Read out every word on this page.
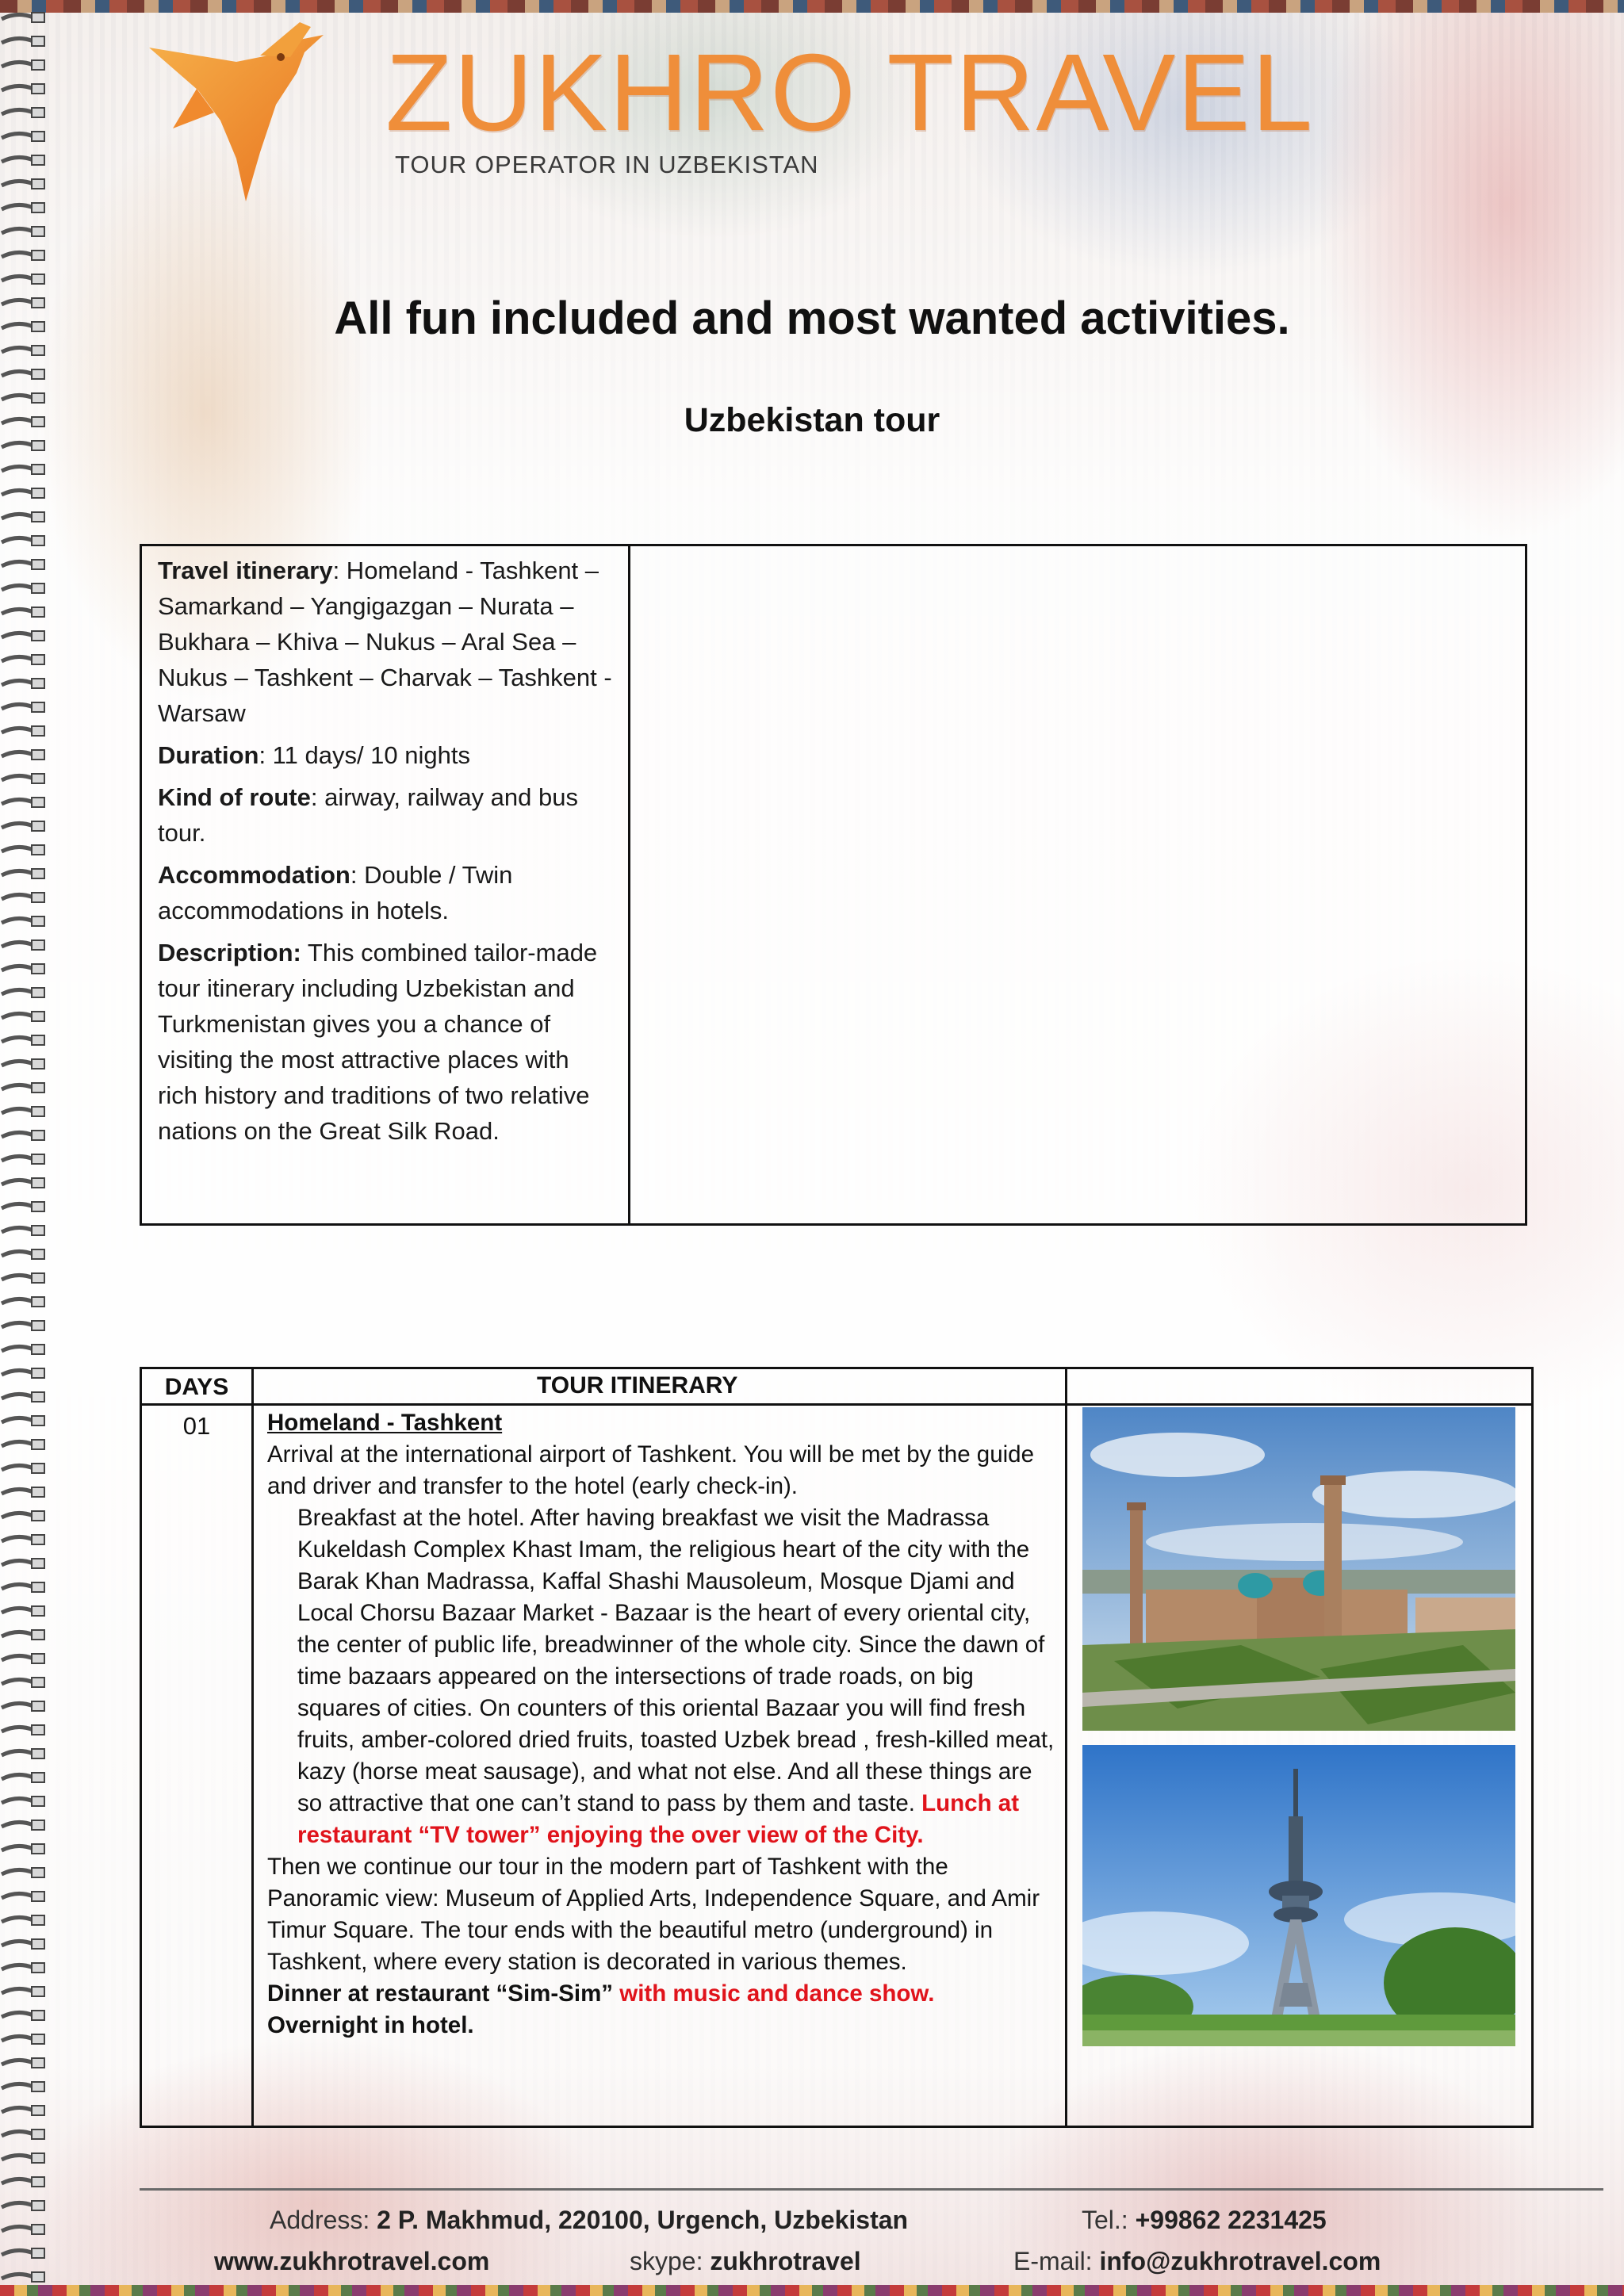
ZUKHRO TRAVEL
TOUR OPERATOR IN UZBEKISTAN
All fun included and most wanted activities.
Uzbekistan tour

Travel itinerary: Homeland - Tashkent – Samarkand – Yangigazgan – Nurata – Bukhara – Khiva – Nukus – Aral Sea – Nukus – Tashkent – Charvak – Tashkent - Warsaw

Duration: 11 days/ 10 nights

Kind of route: airway, railway and bus tour.

Accommodation: Double / Twin accommodations in hotels.

Description: This combined tailor-made tour itinerary including Uzbekistan and Turkmenistan gives you a chance of visiting the most attractive places with rich history and traditions of two relative nations on the Great Silk Road.

DAYS	TOUR ITINERARY
01	Homeland - Tashkent

Arrival at the international airport of Tashkent. You will be met by the guide and driver and transfer to the hotel (early check-in).

Breakfast at the hotel. After having breakfast we visit the Madrassa Kukeldash Complex Khast Imam, the religious heart of the city with the Barak Khan Madrassa, Kaffal Shashi Mausoleum, Mosque Djami and Local Chorsu Bazaar Market - Bazaar is the heart of every oriental city, the center of public life, breadwinner of the whole city. Since the dawn of time bazaars appeared on the intersections of trade roads, on big squares of cities. On counters of this oriental Bazaar you will find fresh fruits, amber-colored dried fruits, toasted Uzbek bread , fresh-killed meat, kazy (horse meat sausage), and what not else. And all these things are so attractive that one can’t stand to pass by them and taste. Lunch at restaurant “TV tower” enjoying the over view of the City.

Then we continue our tour in the modern part of Tashkent with the Panoramic view: Museum of Applied Arts, Independence Square, and Amir Timur Square. The tour ends with the beautiful metro (underground) in Tashkent, where every station is decorated in various themes.

Dinner at restaurant “Sim-Sim” with music and dance show.

Overnight in hotel.

Address: 2 P. Makhmud, 220100, Urgench, Uzbekistan	Tel.: +99862 2231425
www.zukhrotravel.com	skype: zukhrotravel	E-mail: info@zukhrotravel.com
